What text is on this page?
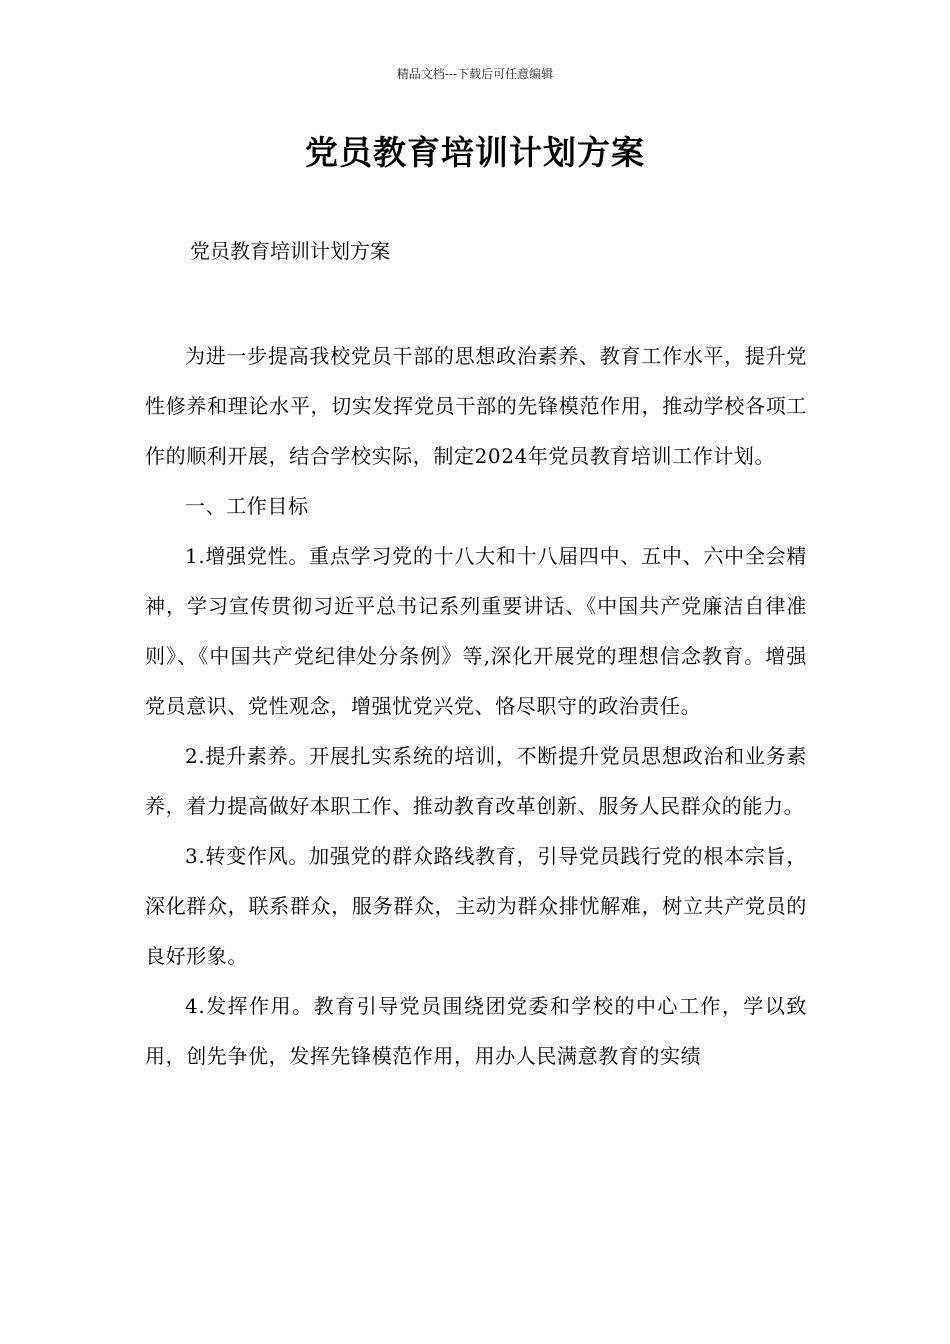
精品文档---下载后可任意编辑
党员教育培训计划方案

党员教育培训计划方案

为进一步提高我校党员干部的思想政治素养、教育工作水平，提升党性修养和理论水平，切实发挥党员干部的先锋模范作用，推动学校各项工作的顺利开展，结合学校实际，制定2024年党员教育培训工作计划。

一、工作目标

1.增强党性。重点学习党的十八大和十八届四中、五中、六中全会精神，学习宣传贯彻习近平总书记系列重要讲话、《中国共产党廉洁自律准则》、《中国共产党纪律处分条例》等,深化开展党的理想信念教育。增强党员意识、党性观念，增强忧党兴党、恪尽职守的政治责任。

2.提升素养。开展扎实系统的培训，不断提升党员思想政治和业务素养，着力提高做好本职工作、推动教育改革创新、服务人民群众的能力。

3.转变作风。加强党的群众路线教育，引导党员践行党的根本宗旨，深化群众，联系群众，服务群众，主动为群众排忧解难，树立共产党员的良好形象。

4.发挥作用。教育引导党员围绕团党委和学校的中心工作，学以致用，创先争优，发挥先锋模范作用，用办人民满意教育的实绩
